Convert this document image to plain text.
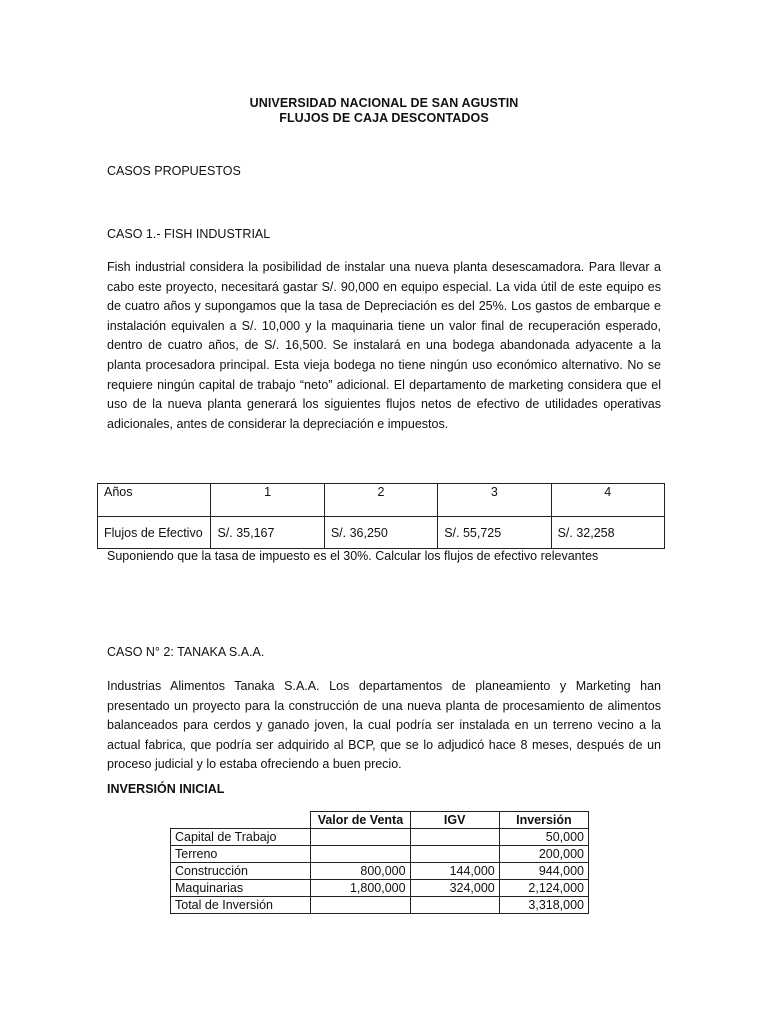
UNIVERSIDAD NACIONAL DE SAN AGUSTIN
FLUJOS DE CAJA DESCONTADOS
CASOS PROPUESTOS
CASO 1.- FISH INDUSTRIAL
Fish industrial considera la posibilidad de instalar una nueva planta desescamadora. Para llevar a cabo este proyecto, necesitará gastar S/. 90,000 en equipo especial. La vida útil de este equipo es de cuatro años y supongamos que la tasa de Depreciación es del 25%. Los gastos de embarque e instalación equivalen a S/. 10,000 y la maquinaria tiene un valor final de recuperación esperado, dentro de cuatro años, de S/. 16,500. Se instalará en una bodega abandonada adyacente a la planta procesadora principal. Esta vieja bodega no tiene ningún uso económico alternativo. No se requiere ningún capital de trabajo “neto” adicional. El departamento de marketing considera que el uso de la nueva planta generará los siguientes flujos netos de efectivo de utilidades operativas adicionales, antes de considerar la depreciación e impuestos.
Años	1	2	3	4
Flujos de Efectivo	S/. 35,167	S/. 36,250	S/. 55,725	S/. 32,258
Suponiendo que la tasa de impuesto es el 30%. Calcular los flujos de efectivo relevantes
CASO N° 2: TANAKA S.A.A.
Industrias Alimentos Tanaka S.A.A. Los departamentos de planeamiento y Marketing han presentado un proyecto para la construcción de una nueva planta de procesamiento de alimentos balanceados para cerdos y ganado joven, la cual podría ser instalada en un terreno vecino a la actual fabrica, que podría ser adquirido al BCP, que se lo adjudicó hace 8 meses, después de un proceso judicial y lo estaba ofreciendo a buen precio.
INVERSIÓN INICIAL
	Valor de Venta	IGV	Inversión
Capital de Trabajo			50,000
Terreno			200,000
Construcción	800,000	144,000	944,000
Maquinarias	1,800,000	324,000	2,124,000
Total de Inversión			3,318,000
